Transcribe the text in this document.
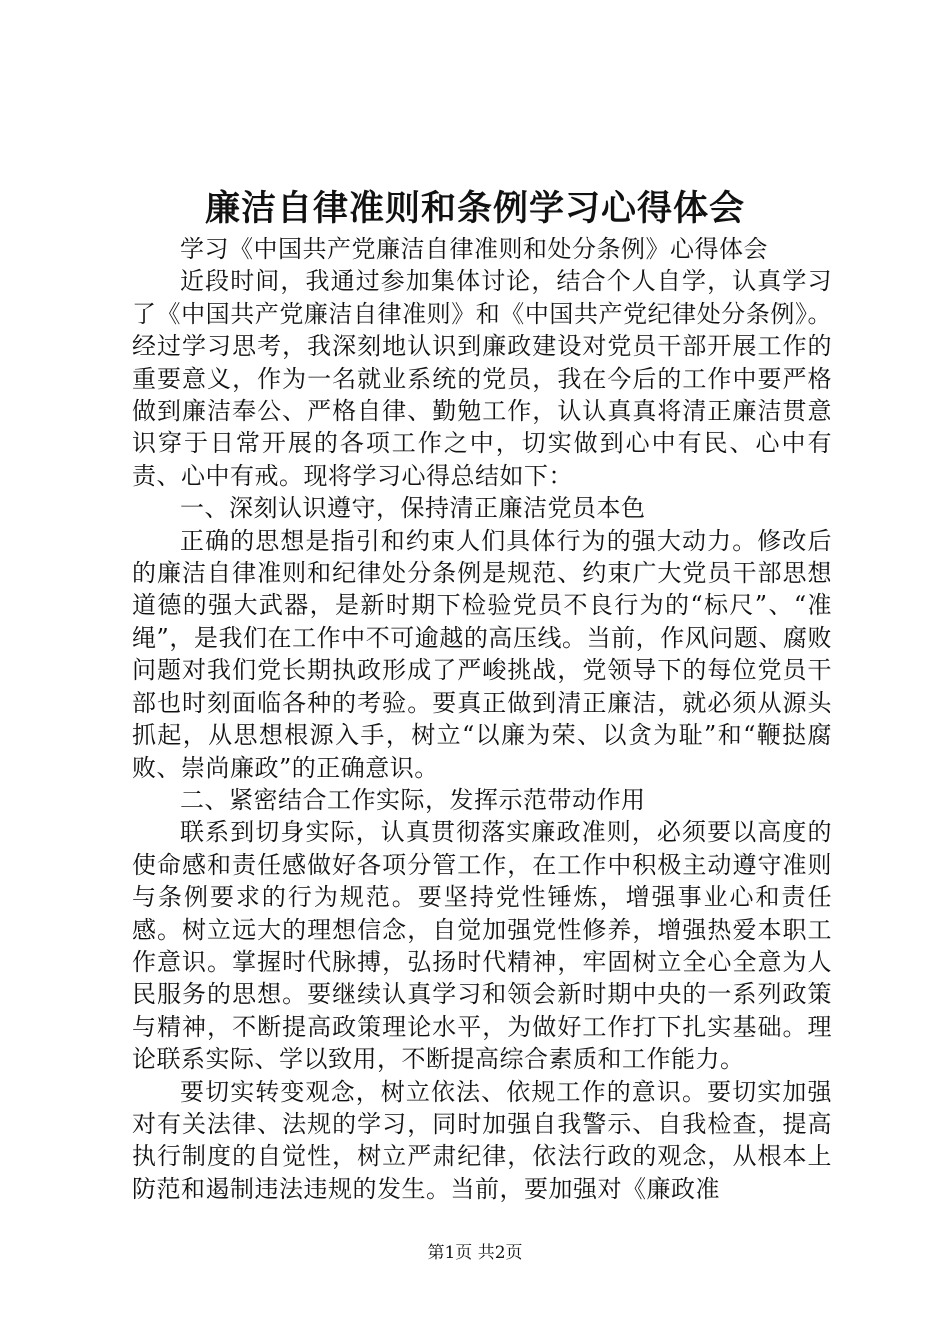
廉洁自律准则和条例学习心得体会

学习《中国共产党廉洁自律准则和处分条例》心得体会

近段时间，我通过参加集体讨论，结合个人自学，认真学习了《中国共产党廉洁自律准则》和《中国共产党纪律处分条例》。经过学习思考，我深刻地认识到廉政建设对党员干部开展工作的重要意义，作为一名就业系统的党员，我在今后的工作中要严格做到廉洁奉公、严格自律、勤勉工作，认认真真将清正廉洁贯意识穿于日常开展的各项工作之中，切实做到心中有民、心中有责、心中有戒。现将学习心得总结如下：

一、深刻认识遵守，保持清正廉洁党员本色

正确的思想是指引和约束人们具体行为的强大动力。修改后的廉洁自律准则和纪律处分条例是规范、约束广大党员干部思想道德的强大武器，是新时期下检验党员不良行为的“标尺”、“准绳”，是我们在工作中不可逾越的高压线。当前，作风问题、腐败问题对我们党长期执政形成了严峻挑战，党领导下的每位党员干部也时刻面临各种的考验。要真正做到清正廉洁，就必须从源头抓起，从思想根源入手，树立“以廉为荣、以贪为耻”和“鞭挞腐败、崇尚廉政”的正确意识。

二、紧密结合工作实际，发挥示范带动作用

联系到切身实际，认真贯彻落实廉政准则，必须要以高度的使命感和责任感做好各项分管工作，在工作中积极主动遵守准则与条例要求的行为规范。要坚持党性锤炼，增强事业心和责任感。树立远大的理想信念，自觉加强党性修养，增强热爱本职工作意识。掌握时代脉搏，弘扬时代精神，牢固树立全心全意为人民服务的思想。要继续认真学习和领会新时期中央的一系列政策与精神，不断提高政策理论水平，为做好工作打下扎实基础。理论联系实际、学以致用，不断提高综合素质和工作能力。

要切实转变观念，树立依法、依规工作的意识。要切实加强对有关法律、法规的学习，同时加强自我警示、自我检查，提高执行制度的自觉性，树立严肃纪律，依法行政的观念，从根本上防范和遏制违法违规的发生。当前，要加强对《廉政准

第1页 共2页
